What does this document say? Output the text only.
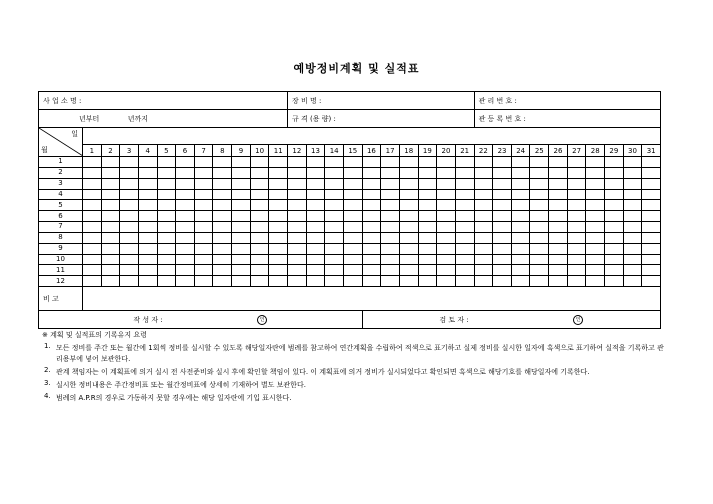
예방정비계획 및 실적표
사 업 소 명 :												장 비 명 :										관 리 번 호 :									
년부터 년까지												규 격 (용 량) :										관 등 록 번 호 :									

일
월																															

	1	2	3	4	5	6	7	8	9	10	11	12	13	14	15	16	17	18	19	20	21	22	23	24	25	26	27	28	29	30	31
1																															
2																															
3																															
4																															
5																															
6																															
7																															
8																															
9																															
10																															
11																															
12																															
비 고																															
작 성 자 : 인																검 토 자 : 인															
※ 계획 및 실적표의 기록유지 요령
1. 모든 정비를 주간 또는 월간에 1회씩 정비를 실시할 수 있도록 해당일자란에 범례를 참고하여 연간계획을 수립하여 적색으로 표기하고 실제 정비를 실시한 일자에 흑색으로 표기하여 실적을 기록하고 관리용부에 넣어 보관한다.
2. 관계 책임자는 이 계획표에 의거 실시 전 사전준비와 실시 후에 확인할 책임이 있다. 이 계획표에 의거 정비가 실시되었다고 확인되면 흑색으로 해당기호를 해당일자에 기록한다.
3. 실시한 정비내용은 주간정비표 또는 월간정비표에 상세히 기재하여 별도 보관한다.
4. 범례의 A.P.R의 경우로 가동하지 못할 경우에는 해당 일자란에 기입 표시한다.
